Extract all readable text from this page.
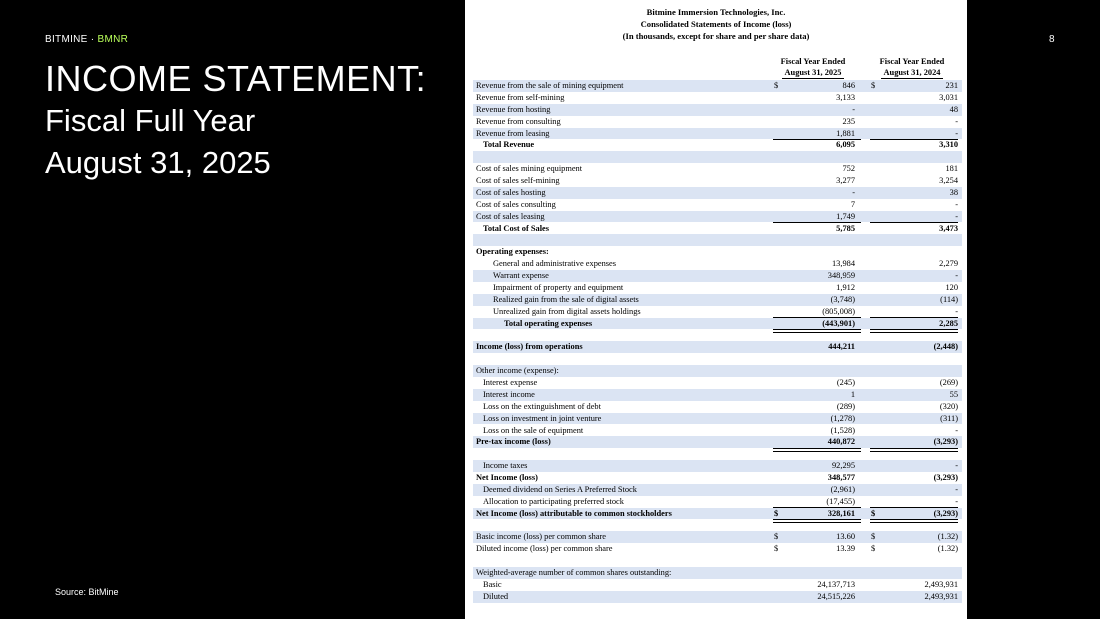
BITMINE · BMNR	8
INCOME STATEMENT:
Fiscal Full Year
August 31, 2025
Source: BitMine
Bitmine Immersion Technologies, Inc.
Consolidated Statements of Income (loss)
(In thousands, except for share and per share data)
Fiscal Year Ended
August 31, 2025
Fiscal Year Ended
August 31, 2024
Revenue from the sale of mining equipment	$	846 $	231
Revenue from self-mining	3,133	3,031
Revenue from hosting	-	48
Revenue from consulting	235	-
Revenue from leasing	1,881	-
Total Revenue	6,095	3,310
Cost of sales mining equipment	752	181
Cost of sales self-mining	3,277	3,254
Cost of sales hosting	-	38
Cost of sales consulting	7	-
Cost of sales leasing	1,749	-
Total Cost of Sales	5,785	3,473
Operating expenses:
General and administrative expenses	13,984	2,279
Warrant expense	348,959	-
Impairment of property and equipment	1,912	120
Realized gain from the sale of digital assets	(3,748)	(114)
Unrealized gain from digital assets holdings	(805,008)	-
Total operating expenses	(443,901)	2,285
Income (loss) from operations	444,211	(2,448)
Other income (expense):
Interest expense	(245)	(269)
Interest income	1	55
Loss on the extinguishment of debt	(289)	(320)
Loss on investment in joint venture	(1,278)	(311)
Loss on the sale of equipment	(1,528)	-
Pre-tax income (loss)	440,872	(3,293)
Income taxes	92,295	-
Net Income (loss)	348,577	(3,293)
Deemed dividend on Series A Preferred Stock	(2,961)	-
Allocation to participating preferred stock	(17,455)	-
Net Income (loss) attributable to common stockholders	$	328,161 $	(3,293)
Basic income (loss) per common share	$	13.60 $	(1.32)
Diluted income (loss) per common share	$	13.39 $	(1.32)
Weighted-average number of common shares outstanding:
Basic	24,137,713	2,493,931
Diluted	24,515,226	2,493,931
